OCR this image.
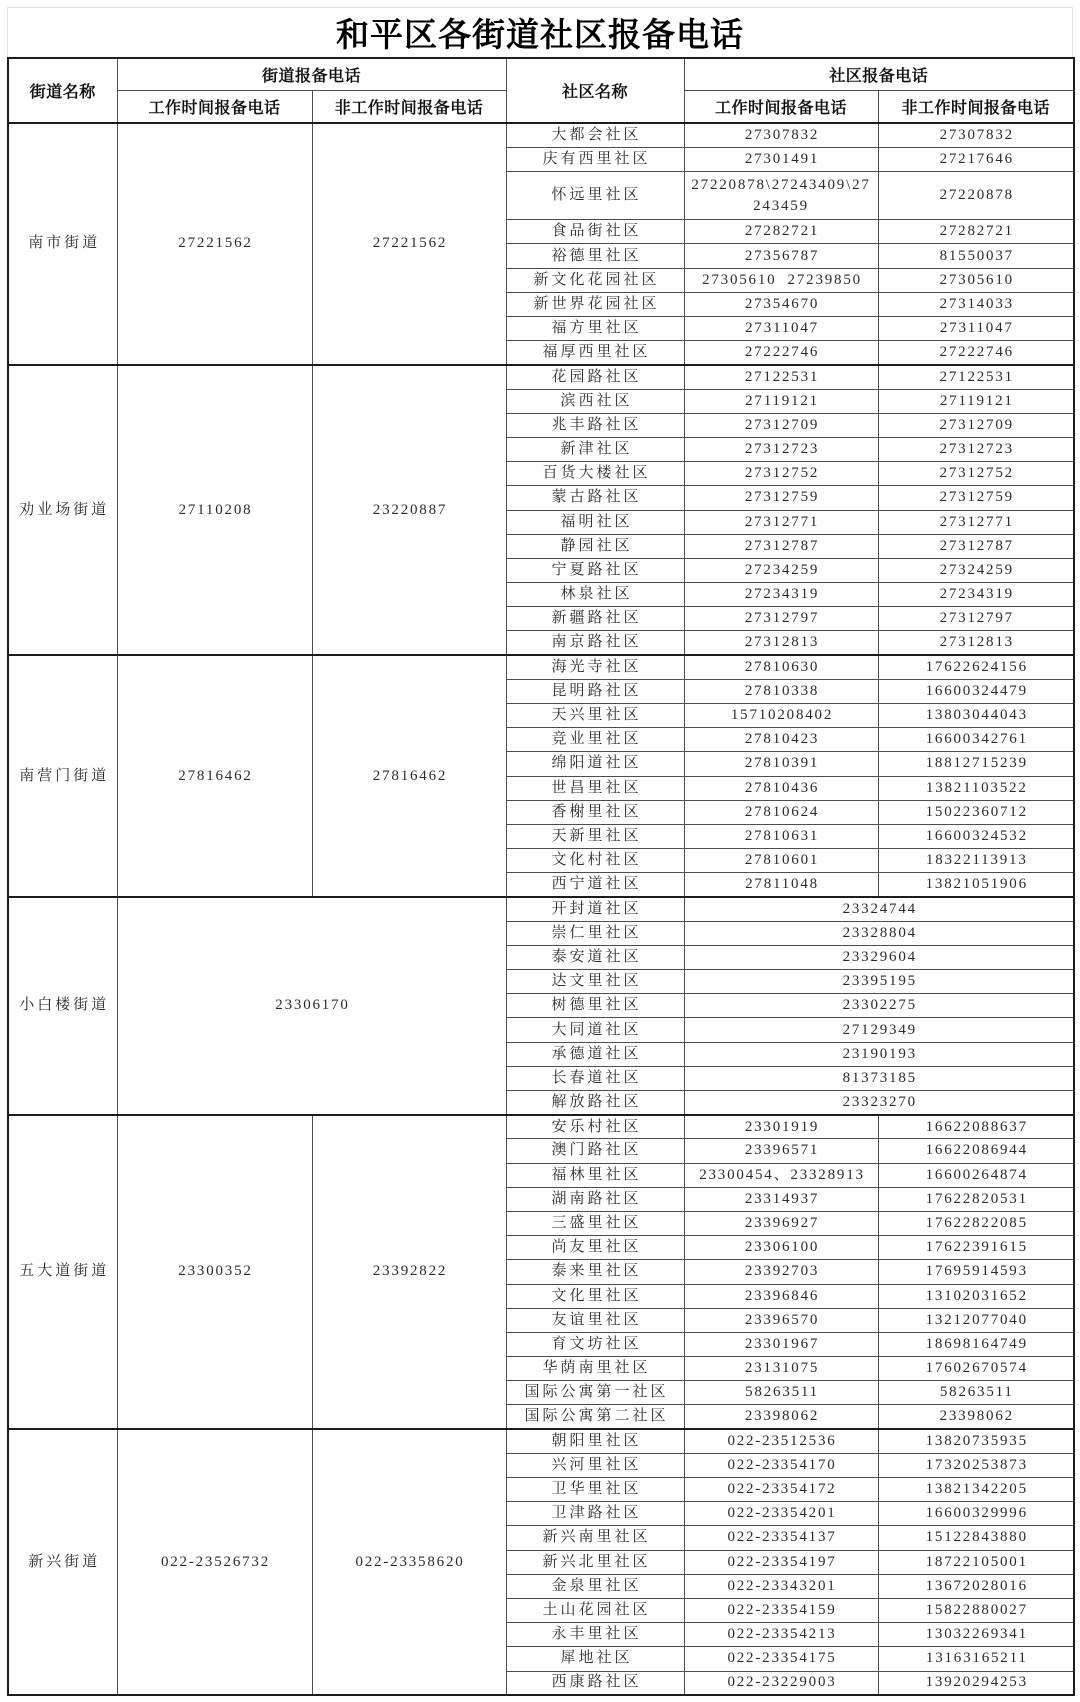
和平区各街道社区报备电话
街道名称	街道报备电话		社区名称	社区报备电话	
	工作时间报备电话	非工作时间报备电话		工作时间报备电话	非工作时间报备电话
南市街道	27221562	27221562	大都会社区	27307832	27307832
			庆有西里社区	27301491	27217646
			怀远里社区	27220878\27243409\27243459	27220878
			食品街社区	27282721	27282721
			裕德里社区	27356787	81550037
			新文化花园社区	27305610  27239850	27305610
			新世界花园社区	27354670	27314033
			福方里社区	27311047	27311047
			福厚西里社区	27222746	27222746
劝业场街道	27110208	23220887	花园路社区	27122531	27122531
			滨西社区	27119121	27119121
			兆丰路社区	27312709	27312709
			新津社区	27312723	27312723
			百货大楼社区	27312752	27312752
			蒙古路社区	27312759	27312759
			福明社区	27312771	27312771
			静园社区	27312787	27312787
			宁夏路社区	27234259	27324259
			林泉社区	27234319	27234319
			新疆路社区	27312797	27312797
			南京路社区	27312813	27312813
南营门街道	27816462	27816462	海光寺社区	27810630	17622624156
			昆明路社区	27810338	16600324479
			天兴里社区	15710208402	13803044043
			竞业里社区	27810423	16600342761
			绵阳道社区	27810391	18812715239
			世昌里社区	27810436	13821103522
			香榭里社区	27810624	15022360712
			天新里社区	27810631	16600324532
			文化村社区	27810601	18322113913
			西宁道社区	27811048	13821051906
小白楼街道	23306170		开封道社区	23324744	
			崇仁里社区	23328804	
			泰安道社区	23329604	
			达文里社区	23395195	
			树德里社区	23302275	
			大同道社区	27129349	
			承德道社区	23190193	
			长春道社区	81373185	
			解放路社区	23323270	
五大道街道	23300352	23392822	安乐村社区	23301919	16622088637
			澳门路社区	23396571	16622086944
			福林里社区	23300454、23328913	16600264874
			湖南路社区	23314937	17622820531
			三盛里社区	23396927	17622822085
			尚友里社区	23306100	17622391615
			泰来里社区	23392703	17695914593
			文化里社区	23396846	13102031652
			友谊里社区	23396570	13212077040
			育文坊社区	23301967	18698164749
			华荫南里社区	23131075	17602670574
			国际公寓第一社区	58263511	58263511
			国际公寓第二社区	23398062	23398062
新兴街道	022-23526732	022-23358620	朝阳里社区	022-23512536	13820735935
			兴河里社区	022-23354170	17320253873
			卫华里社区	022-23354172	13821342205
			卫津路社区	022-23354201	16600329996
			新兴南里社区	022-23354137	15122843880
			新兴北里社区	022-23354197	18722105001
			金泉里社区	022-23343201	13672028016
			土山花园社区	022-23354159	15822880027
			永丰里社区	022-23354213	13032269341
			犀地社区	022-23354175	13163165211
			西康路社区	022-23229003	13920294253
